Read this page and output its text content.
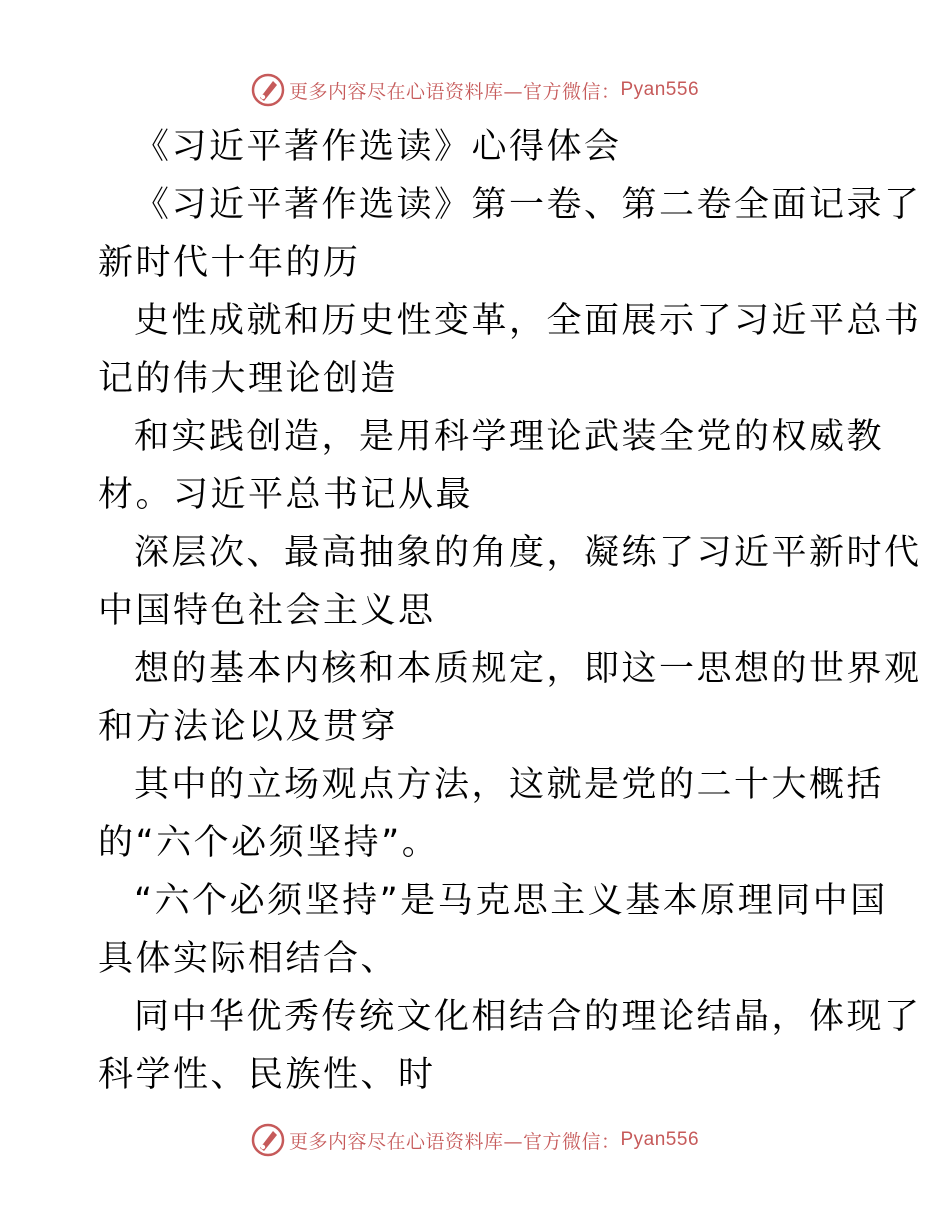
更多内容尽在心语资料库—官方微信： Pyan556
《习近平著作选读》心得体会
《习近平著作选读》第一卷、第二卷全面记录了
新时代十年的历
史性成就和历史性变革，全面展示了习近平总书
记的伟大理论创造
和实践创造，是用科学理论武装全党的权威教
材。习近平总书记从最
深层次、最高抽象的角度，凝练了习近平新时代
中国特色社会主义思
想的基本内核和本质规定，即这一思想的世界观
和方法论以及贯穿
其中的立场观点方法，这就是党的二十大概括
的“六个必须坚持”。
“六个必须坚持”是马克思主义基本原理同中国
具体实际相结合、
同中华优秀传统文化相结合的理论结晶，体现了
科学性、民族性、时
更多内容尽在心语资料库—官方微信： Pyan556
